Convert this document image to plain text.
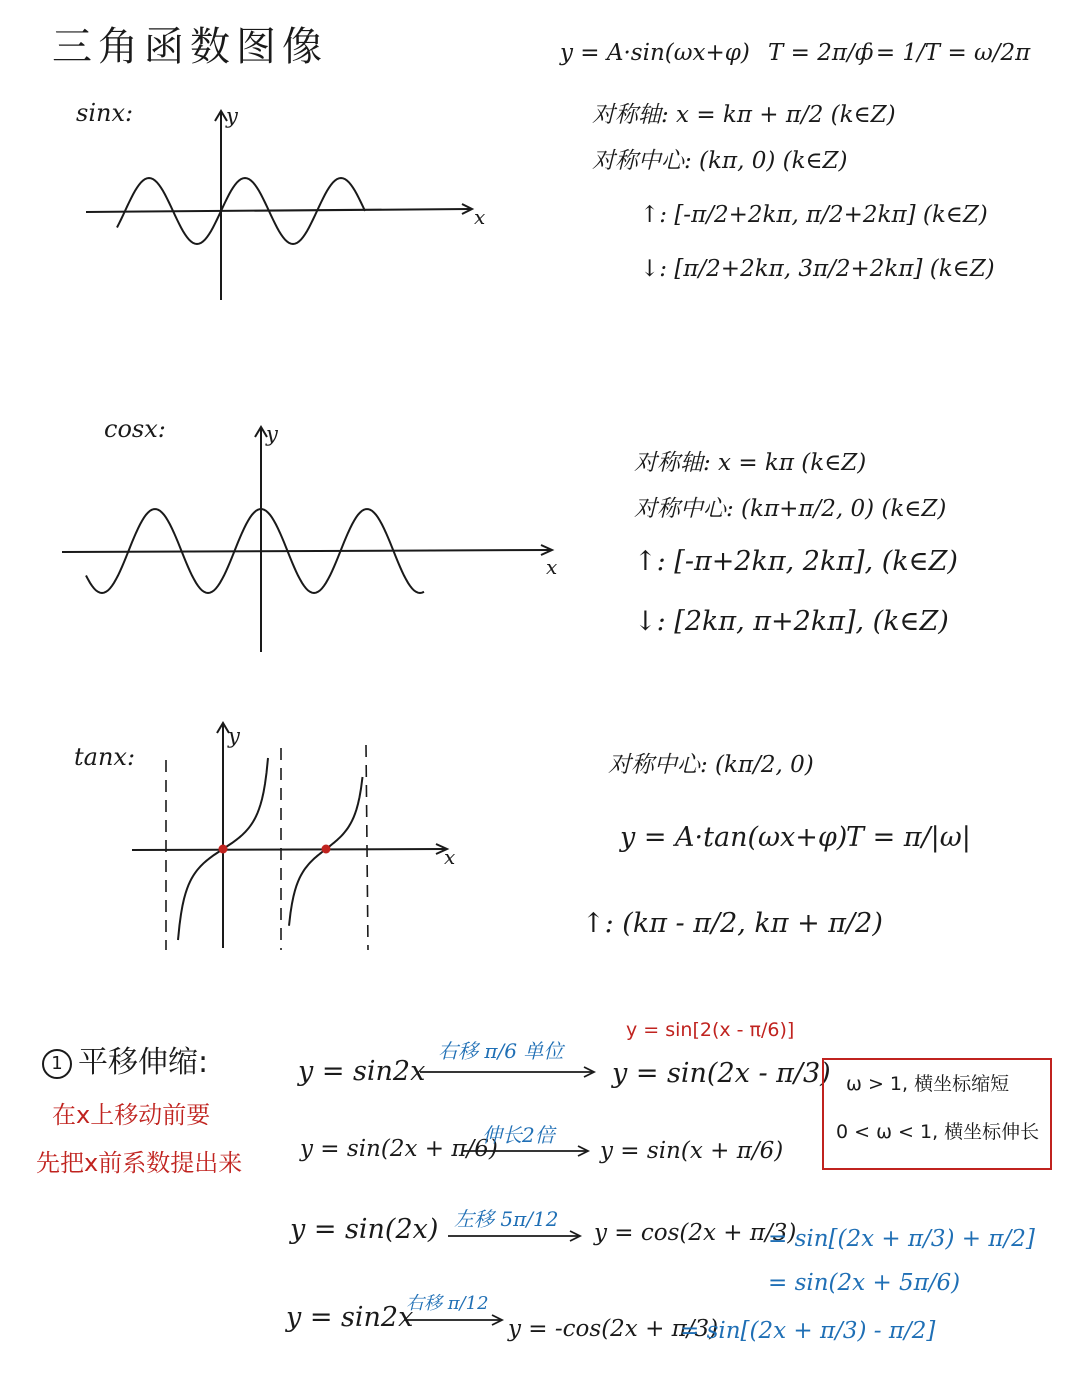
三角函数图像	y = A·sin(ωx+φ) T = 2π/ω
f = 1/T = ω/2π
sinx:	y
x
对称轴: x = kπ + π/2 (k∈Z)
对称中心: (kπ, 0) (k∈Z)
↑: [-π/2+2kπ, π/2+2kπ] (k∈Z)
↓: [π/2+2kπ, 3π/2+2kπ] (k∈Z)
cosx:	y
x
对称轴: x = kπ (k∈Z)
对称中心: (kπ+π/2, 0) (k∈Z)
↑: [-π+2kπ, 2kπ], (k∈Z)
↓: [2kπ, π+2kπ], (k∈Z)
tanx:
y
x
对称中心: (kπ/2, 0)
y = A·tan(ωx+φ)
T = π/|ω|
↑: (kπ - π/2, kπ + π/2)
1 平移伸缩:
在x上移动前要
先把x前系数提出来
y = sin2x
右移 π/6 单位
y = sin[2(x - π/6)]
y = sin(2x - π/3)
y = sin(2x + π/6)
伸长2倍
y = sin(x + π/6)
y = sin(2x) 左移 5π/12
y = cos(2x + π/3)
= sin[(2x + π/3) + π/2]
= sin(2x + 5π/6)
y = sin2x
右移 π/12
y = -cos(2x + π/3)
= sin[(2x + π/3) - π/2]
ω > 1, 横坐标缩短
0 < ω < 1, 横坐标伸长
